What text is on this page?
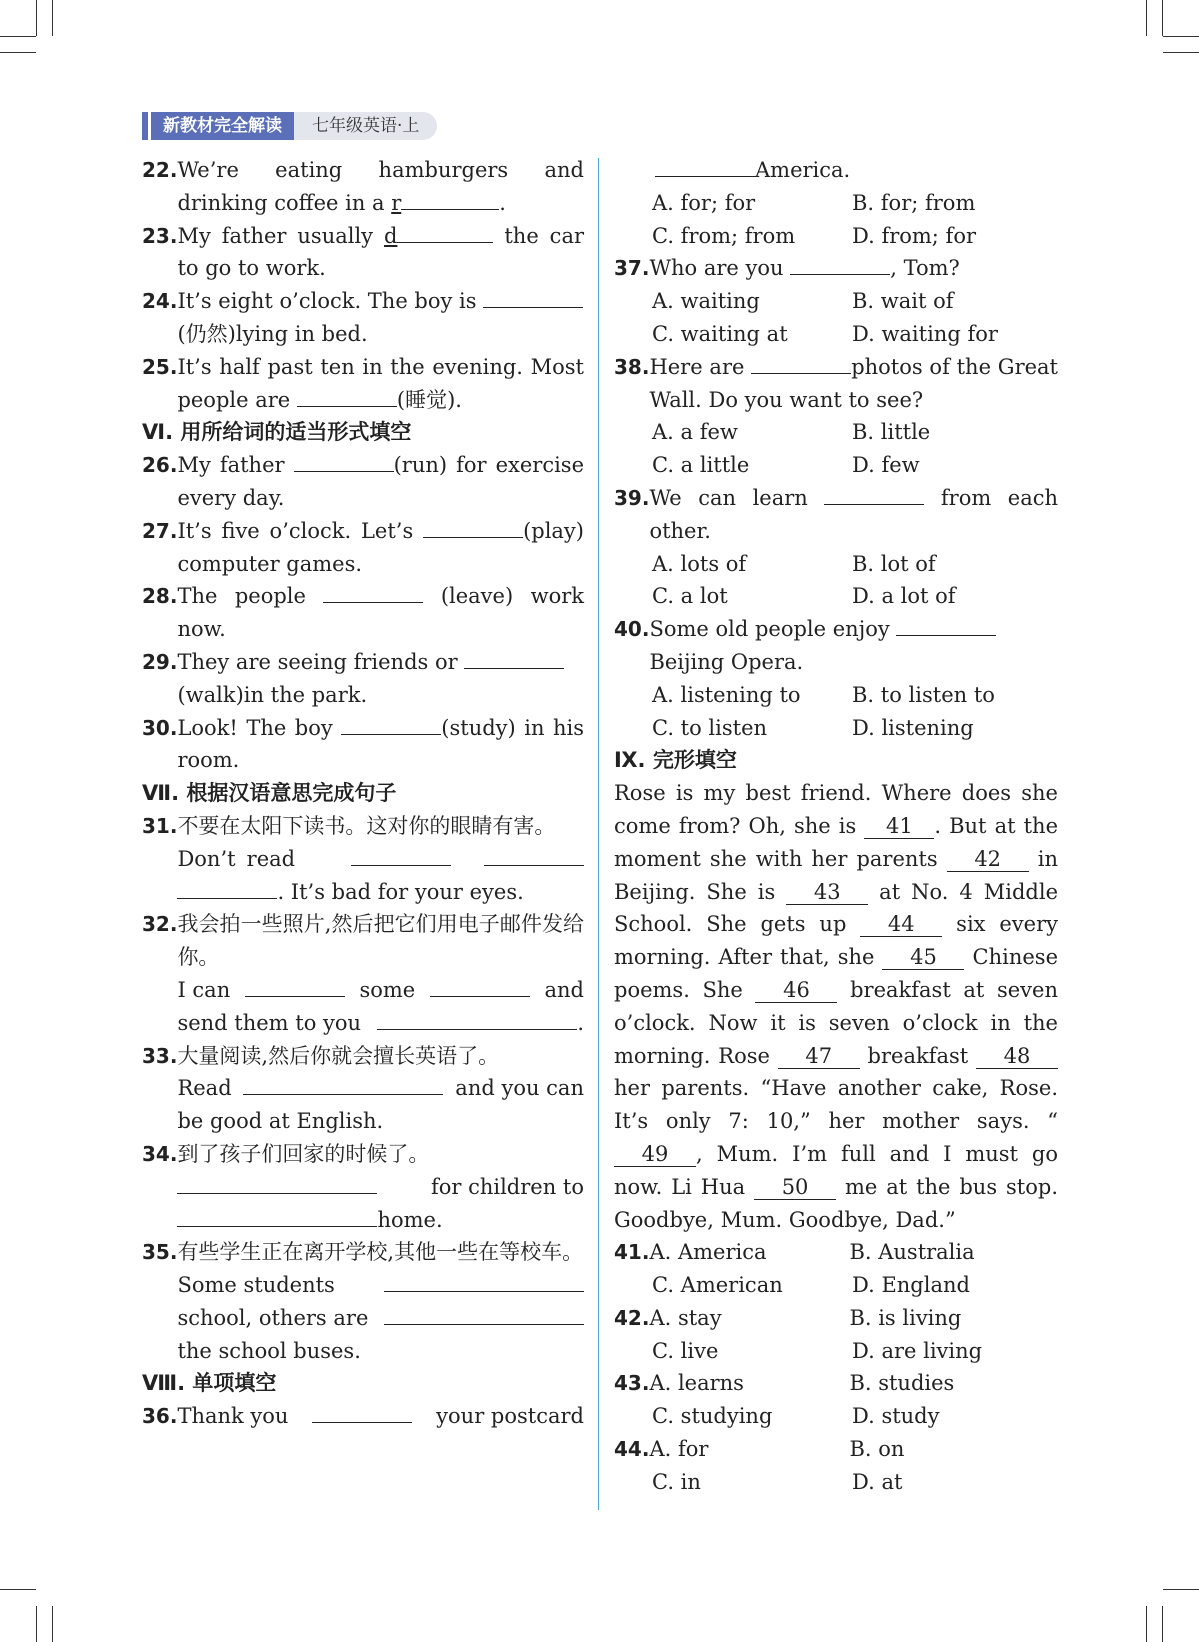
新教材完全解读	七年级英语·上
22. We’re eating hamburgers and drinking coffee in a r	.
23. My father usually d	the car to go to work.
24. It’s eight o’clock. The boy is
(仍然)lying in bed.
25. It’s half past ten in the evening. Most people are	(睡觉).
Ⅵ. 用所给词的适当形式填空
26. My father	(run) for exercise every day.
27. It’s five o’clock. Let’s	(play) computer games.
28. The people	(leave) work now.
29. They are seeing friends or
(walk)in the park.
30. Look! The boy	(study) in his room.
Ⅶ. 根据汉语意思完成句子
31. 不要在太阳下读书。这对你的眼睛有害。

Don’t read
. It’s bad for your eyes.
32. 我会拍一些照片,然后把它们用电子邮件发给你。

I can	some	and
send them to you	.
33. 大量阅读,然后你就会擅长英语了。

Read	and you can
be good at English.
34. 到了孩子们回家的时候了。

for children to
home.
35. 有些学生正在离开学校,其他一些在等校车。

Some students
school, others are
the school buses.
Ⅷ. 单项填空
36. Thank you	your postcard
America.
A. for; for	B. for; from
C. from; from	D. from; for
37. Who are you	, Tom?
A. waiting	B. wait of
C. waiting at	D. waiting for
38. Here are	photos of the Great Wall. Do you want to see?
A. a few	B. little
C. a little	D. few
39. We can learn	from each other.
A. lots of	B. lot of
C. a lot	D. a lot of
40. Some old people enjoy
Beijing Opera.
A. listening to	B. to listen to
C. to listen	D. listening
Ⅸ. 完形填空
Rose is my best friend. Where does she come from? Oh, she is 41 . But at the moment she with her parents 42 in Beijing. She is 43 at No. 4 Middle School. She gets up 44 six every morning. After that, she 45 Chinese poems. She 46 breakfast at seven o’clock. Now it is seven o’clock in the morning. Rose 47 breakfast 48 her parents. “Have another cake, Rose. It’s only 7: 10,” her mother says. “49 , Mum. I’m full and I must go now. Li Hua 50 me at the bus stop. Goodbye, Mum. Goodbye, Dad.”
41. A. America	B. Australia
C. American	D. England
42. A. stay	B. is living
C. live	D. are living
43. A. learns	B. studies
C. studying	D. study
44. A. for	B. on
C. in	D. at
